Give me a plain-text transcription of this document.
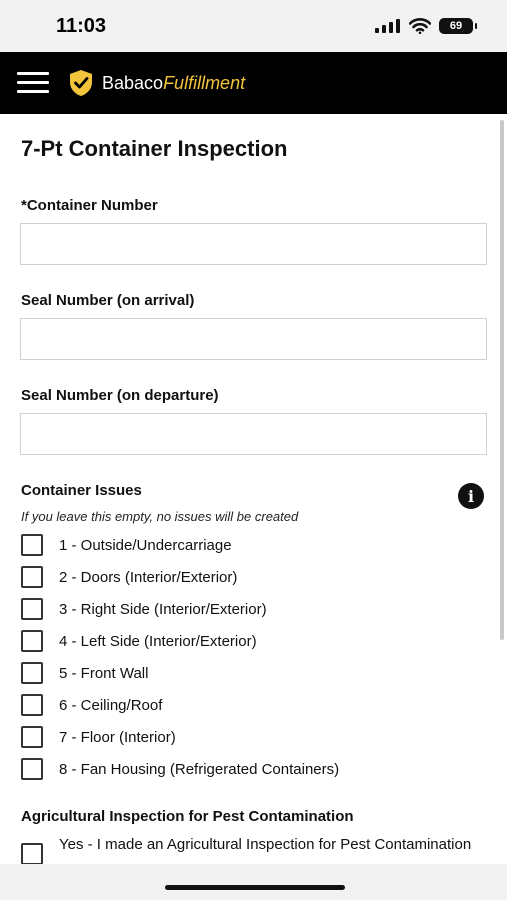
11:03	69
BabacoFulfillment
7-Pt Container Inspection
*Container Number
Seal Number (on arrival)
Seal Number (on departure)
Container Issues	i
If you leave this empty, no issues will be created
1 - Outside/Undercarriage
2 - Doors (Interior/Exterior)
3 - Right Side (Interior/Exterior)
4 - Left Side (Interior/Exterior)
5 - Front Wall
6 - Ceiling/Roof
7 - Floor (Interior)
8 - Fan Housing (Refrigerated Containers)
Agricultural Inspection for Pest Contamination
Yes - I made an Agricultural Inspection for Pest Contamination
